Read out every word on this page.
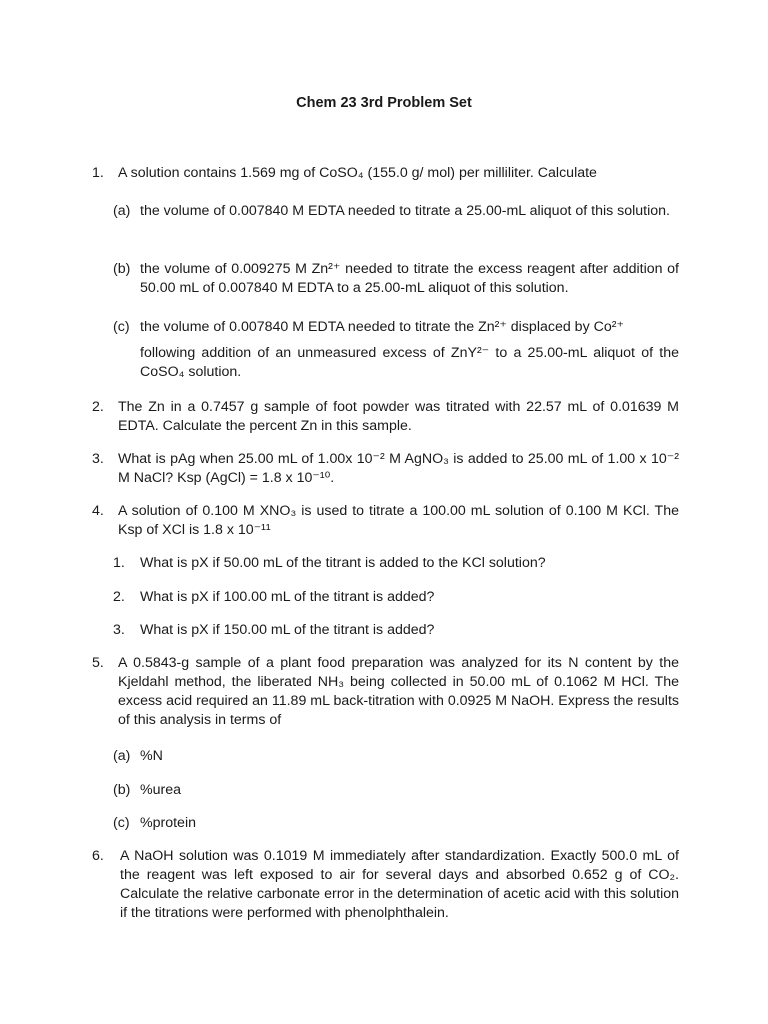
Chem 23 3rd Problem Set
1. A solution contains 1.569 mg of CoSO₄ (155.0 g/ mol) per milliliter. Calculate
(a) the volume of 0.007840 M EDTA needed to titrate a 25.00-mL aliquot of this solution.
(b) the volume of 0.009275 M Zn²⁺ needed to titrate the excess reagent after addition of 50.00 mL of 0.007840 M EDTA to a 25.00-mL aliquot of this solution.
(c) the volume of 0.007840 M EDTA needed to titrate the Zn²⁺ displaced by Co²⁺
following addition of an unmeasured excess of ZnY²⁻ to a 25.00-mL aliquot of the CoSO₄ solution.
2. The Zn in a 0.7457 g sample of foot powder was titrated with 22.57 mL of 0.01639 M EDTA. Calculate the percent Zn in this sample.
3. What is pAg when 25.00 mL of 1.00x 10⁻² M AgNO₃ is added to 25.00 mL of 1.00 x 10⁻² M NaCl? Ksp (AgCl) = 1.8 x 10⁻¹⁰.
4. A solution of 0.100 M XNO₃ is used to titrate a 100.00 mL solution of 0.100 M KCl. The Ksp of XCl is 1.8 x 10⁻¹¹
1.	What is pX if 50.00 mL of the titrant is added to the KCl solution?
2.	What is pX if 100.00 mL of the titrant is added?
3.	What is pX if 150.00 mL of the titrant is added?
5. A 0.5843-g sample of a plant food preparation was analyzed for its N content by the Kjeldahl method, the liberated NH₃ being collected in 50.00 mL of 0.1062 M HCl. The excess acid required an 11.89 mL back-titration with 0.0925 M NaOH. Express the results of this analysis in terms of
(a) %N
(b) %urea
(c) %protein
6.	A NaOH solution was 0.1019 M immediately after standardization. Exactly 500.0 mL of the reagent was left exposed to air for several days and absorbed 0.652 g of CO₂. Calculate the relative carbonate error in the determination of acetic acid with this solution if the titrations were performed with phenolphthalein.
